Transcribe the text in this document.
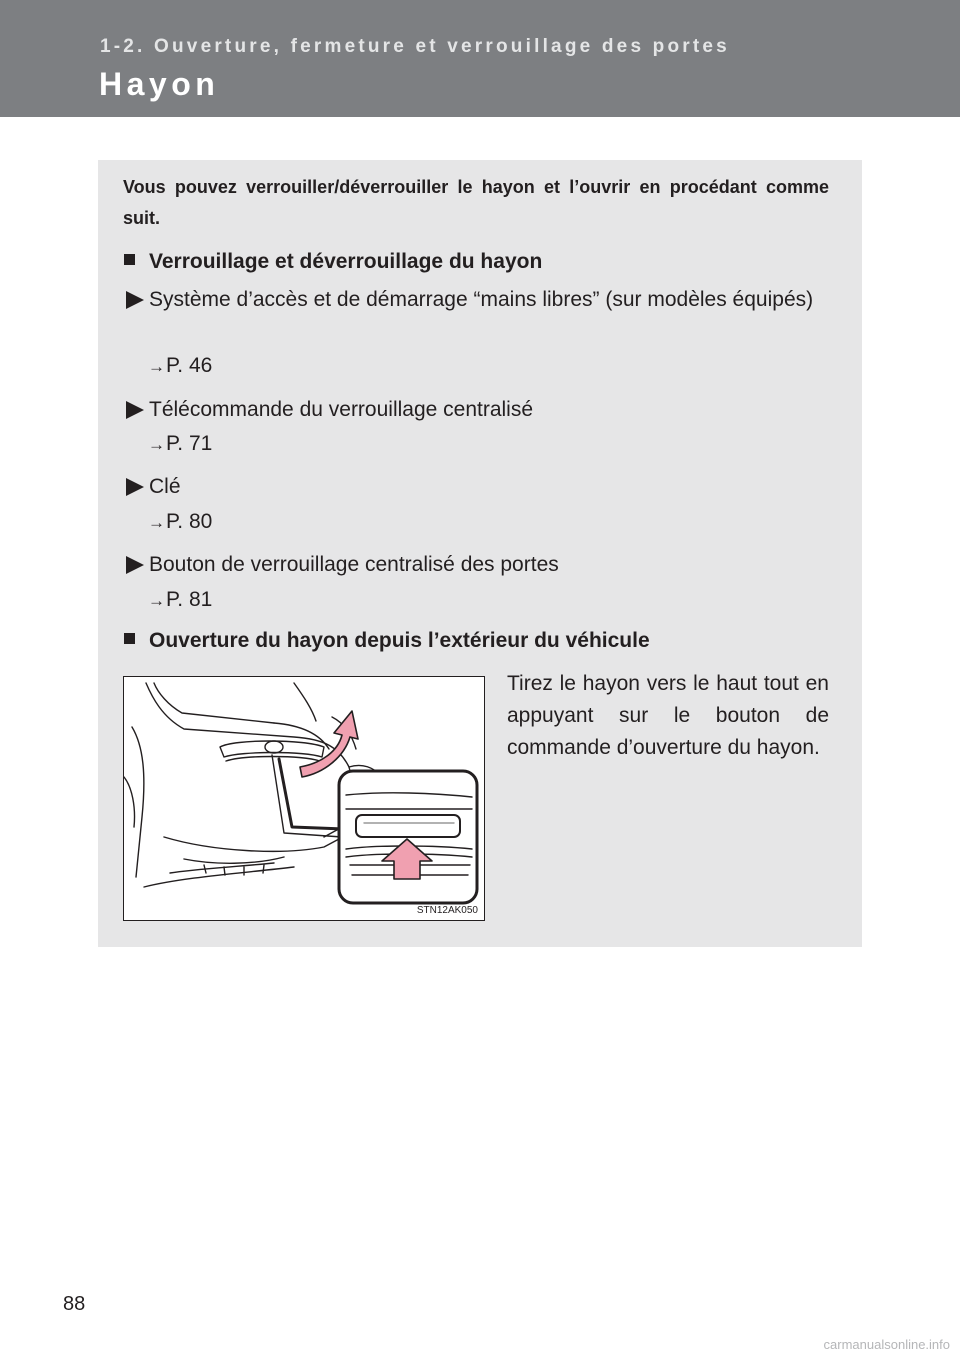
1-2. Ouverture, fermeture et verrouillage des portes
Hayon
Vous pouvez verrouiller/déverrouiller le hayon et l’ouvrir en procédant comme suit.
Verrouillage et déverrouillage du hayon
Système d’accès et de démarrage “mains libres” (sur modèles équipés)
→P. 46
Télécommande du verrouillage centralisé
→P. 71
Clé
→P. 80
Bouton de verrouillage centralisé des portes
→P. 81
Ouverture du hayon depuis l’extérieur du véhicule
STN12AK050
Tirez le hayon vers le haut tout en appuyant sur le bouton de commande d’ouverture du hayon.
88
carmanualsonline.info
